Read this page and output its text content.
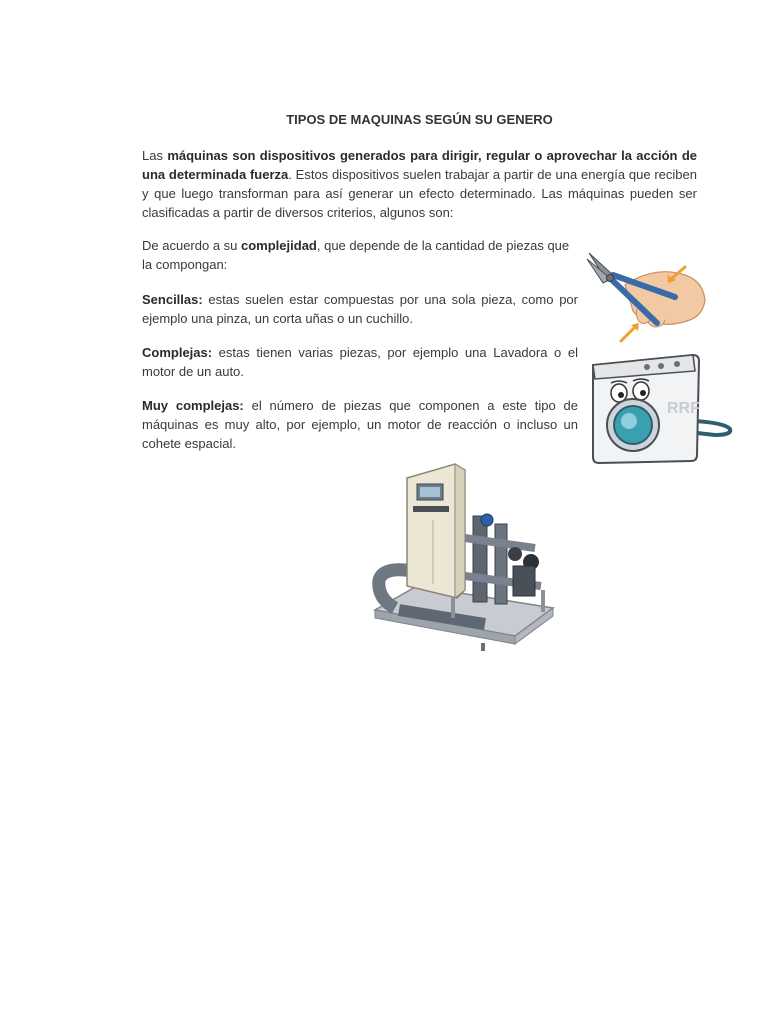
TIPOS DE MAQUINAS SEGÚN SU GENERO

Las máquinas son dispositivos generados para dirigir, regular o aprovechar la acción de una determinada fuerza. Estos dispositivos suelen trabajar a partir de una energía que reciben y que luego transforman para así generar un efecto determinado. Las máquinas pueden ser clasificadas a partir de diversos criterios, algunos son:

De acuerdo a su complejidad, que depende de la cantidad de piezas que la compongan:

Sencillas: estas suelen estar compuestas por una sola pieza, como por ejemplo una pinza, un corta uñas o un cuchillo.

Complejas: estas tienen varias piezas, por ejemplo una Lavadora o el motor de un auto.

Muy complejas: el número de piezas que componen a este tipo de máquinas es muy alto, por ejemplo, un motor de reacción o incluso un cohete espacial.

RRF
